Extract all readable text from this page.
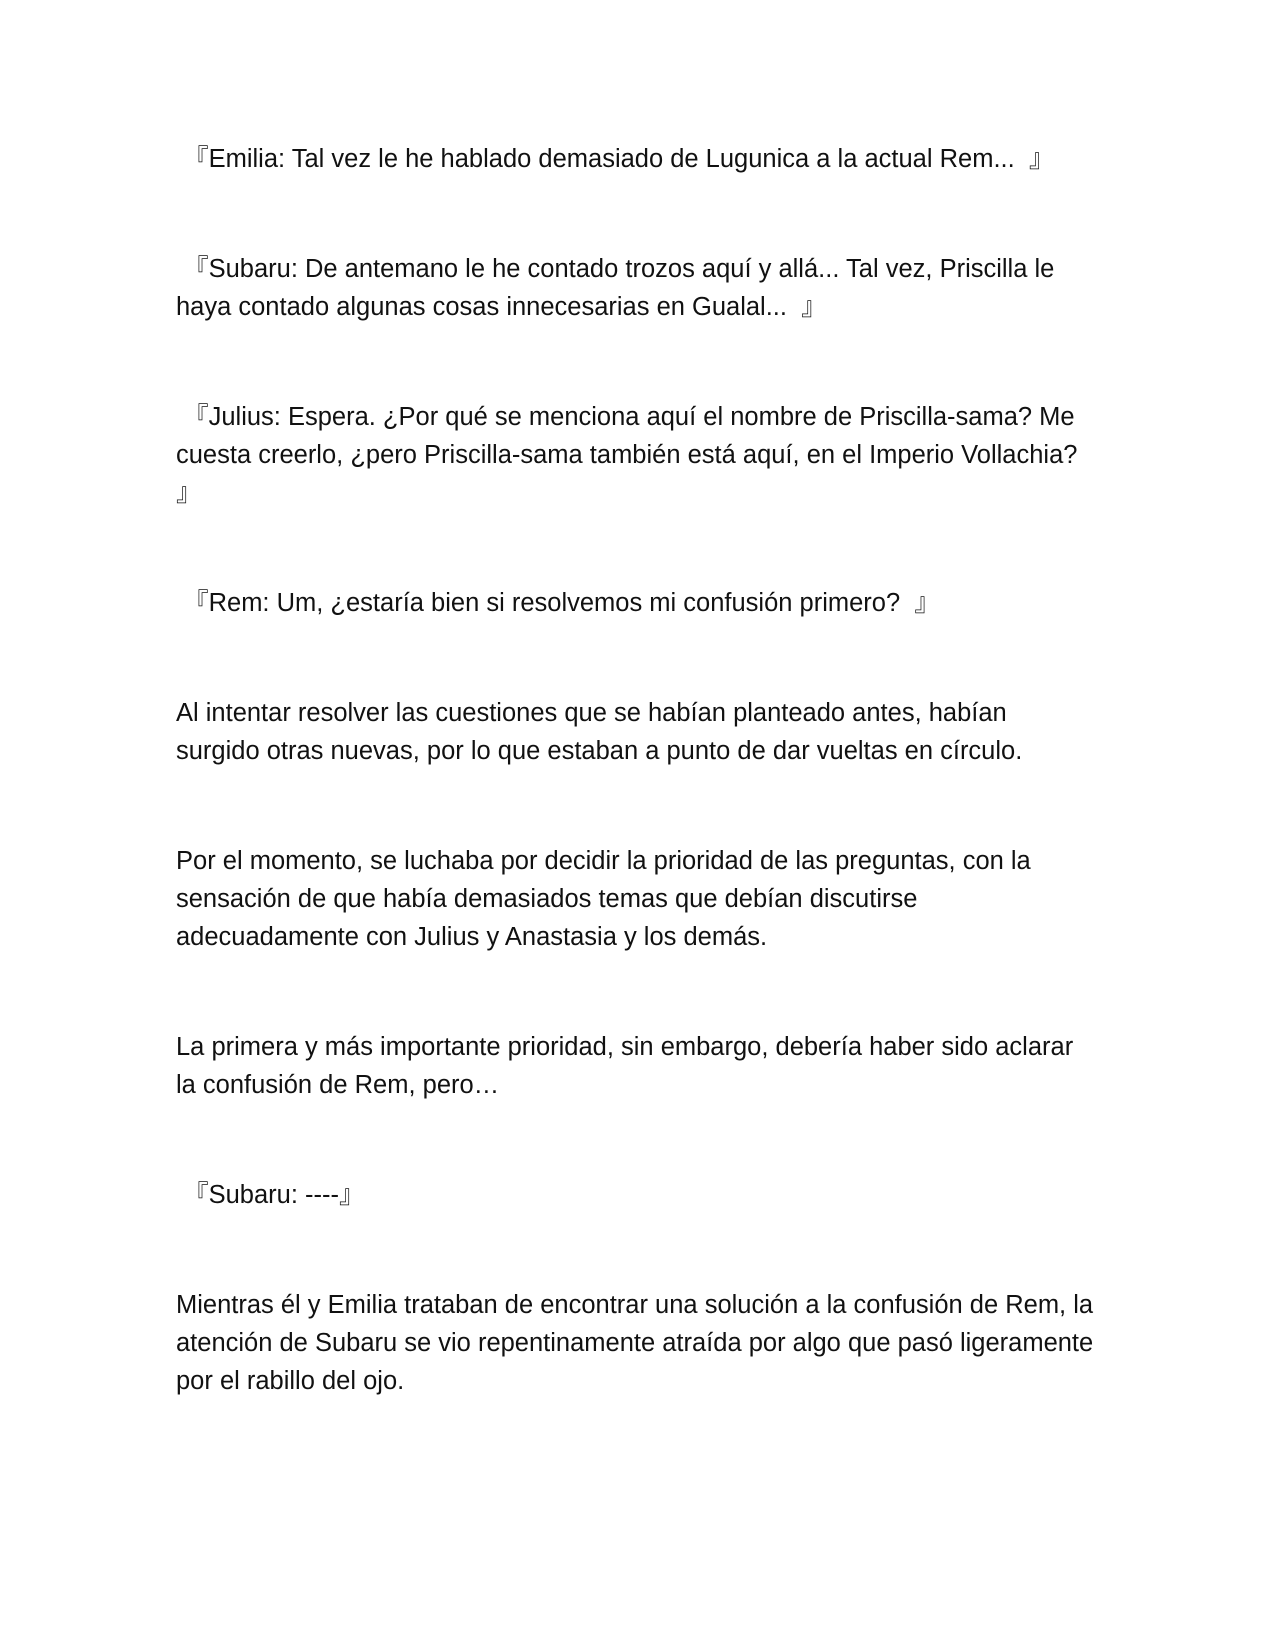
『Emilia: Tal vez le he hablado demasiado de Lugunica a la actual Rem...  』

『Subaru: De antemano le he contado trozos aquí y allá... Tal vez, Priscilla le haya contado algunas cosas innecesarias en Gualal...  』

『Julius: Espera. ¿Por qué se menciona aquí el nombre de Priscilla-sama? Me cuesta creerlo, ¿pero Priscilla-sama también está aquí, en el Imperio Vollachia?  』

『Rem: Um, ¿estaría bien si resolvemos mi confusión primero?  』

Al intentar resolver las cuestiones que se habían planteado antes, habían surgido otras nuevas, por lo que estaban a punto de dar vueltas en círculo.

Por el momento, se luchaba por decidir la prioridad de las preguntas, con la sensación de que había demasiados temas que debían discutirse adecuadamente con Julius y Anastasia y los demás.

La primera y más importante prioridad, sin embargo, debería haber sido aclarar la confusión de Rem, pero…

『Subaru: ----』

Mientras él y Emilia trataban de encontrar una solución a la confusión de Rem, la atención de Subaru se vio repentinamente atraída por algo que pasó ligeramente por el rabillo del ojo.
